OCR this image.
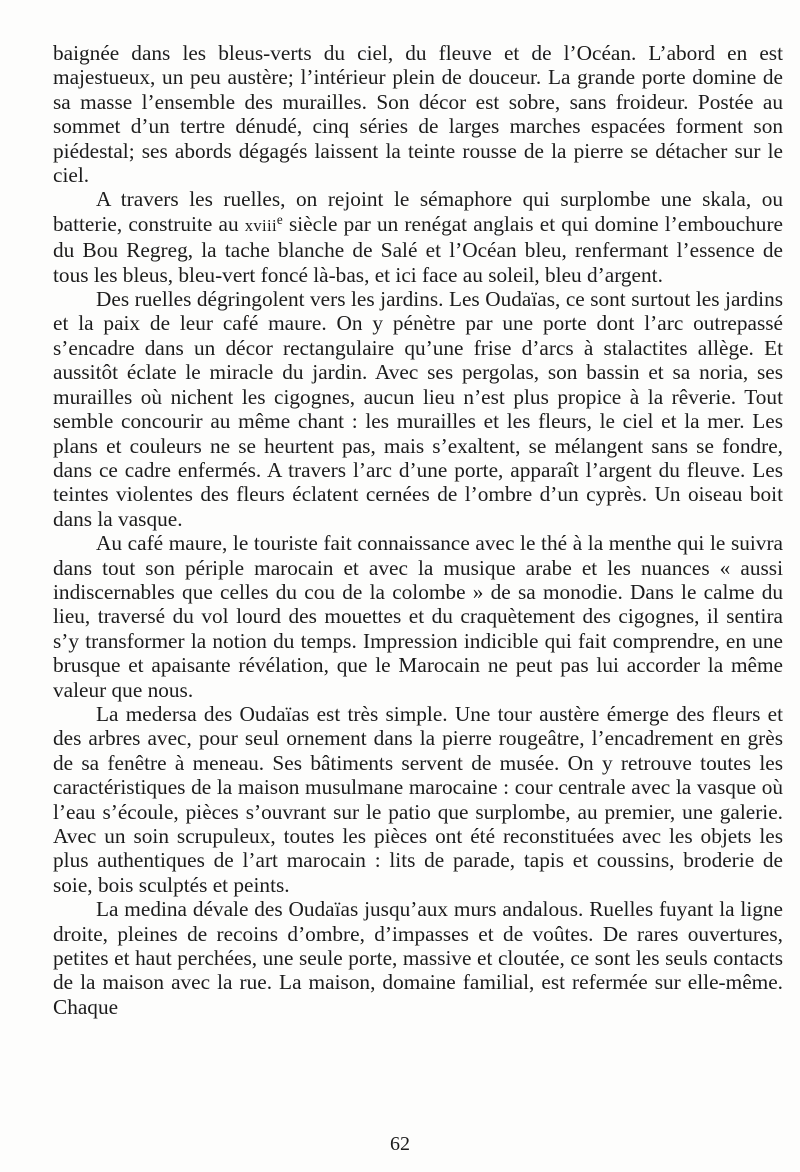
baignée dans les bleus-verts du ciel, du fleuve et de l’Océan. L’abord en est majestueux, un peu austère; l’intérieur plein de douceur. La grande porte domine de sa masse l’ensemble des murailles. Son décor est sobre, sans froideur. Postée au sommet d’un tertre dénudé, cinq séries de larges marches espacées forment son piédestal; ses abords dégagés laissent la teinte rousse de la pierre se détacher sur le ciel.

A travers les ruelles, on rejoint le sémaphore qui surplombe une skala, ou batterie, construite au xviii$^e$ siècle par un renégat anglais et qui domine l’embouchure du Bou Regreg, la tache blanche de Salé et l’Océan bleu, renfermant l’essence de tous les bleus, bleu-vert foncé là-bas, et ici face au soleil, bleu d’argent.

Des ruelles dégringolent vers les jardins. Les Oudaïas, ce sont surtout les jardins et la paix de leur café maure. On y pénètre par une porte dont l’arc outrepassé s’encadre dans un décor rectangulaire qu’une frise d’arcs à stalactites allège. Et aussitôt éclate le miracle du jardin. Avec ses pergolas, son bassin et sa noria, ses murailles où nichent les cigognes, aucun lieu n’est plus propice à la rêverie. Tout semble concourir au même chant : les murailles et les fleurs, le ciel et la mer. Les plans et couleurs ne se heurtent pas, mais s’exaltent, se mélangent sans se fondre, dans ce cadre enfermés. A travers l’arc d’une porte, apparaît l’argent du fleuve. Les teintes violentes des fleurs éclatent cernées de l’ombre d’un cyprès. Un oiseau boit dans la vasque.

Au café maure, le touriste fait connaissance avec le thé à la menthe qui le suivra dans tout son périple marocain et avec la musique arabe et les nuances « aussi indiscernables que celles du cou de la colombe » de sa monodie. Dans le calme du lieu, traversé du vol lourd des mouettes et du craquètement des cigognes, il sentira s’y transformer la notion du temps. Impression indicible qui fait comprendre, en une brusque et apaisante révélation, que le Marocain ne peut pas lui accorder la même valeur que nous.

La medersa des Oudaïas est très simple. Une tour austère émerge des fleurs et des arbres avec, pour seul ornement dans la pierre rougeâtre, l’encadrement en grès de sa fenêtre à meneau. Ses bâtiments servent de musée. On y retrouve toutes les caractéristiques de la maison musulmane marocaine : cour centrale avec la vasque où l’eau s’écoule, pièces s’ouvrant sur le patio que surplombe, au premier, une galerie. Avec un soin scrupuleux, toutes les pièces ont été reconstituées avec les objets les plus authentiques de l’art marocain : lits de parade, tapis et coussins, broderie de soie, bois sculptés et peints.

La medina dévale des Oudaïas jusqu’aux murs andalous. Ruelles fuyant la ligne droite, pleines de recoins d’ombre, d’impasses et de voûtes. De rares ouvertures, petites et haut perchées, une seule porte, massive et cloutée, ce sont les seuls contacts de la maison avec la rue. La maison, domaine familial, est refermée sur elle-même. Chaque

62
